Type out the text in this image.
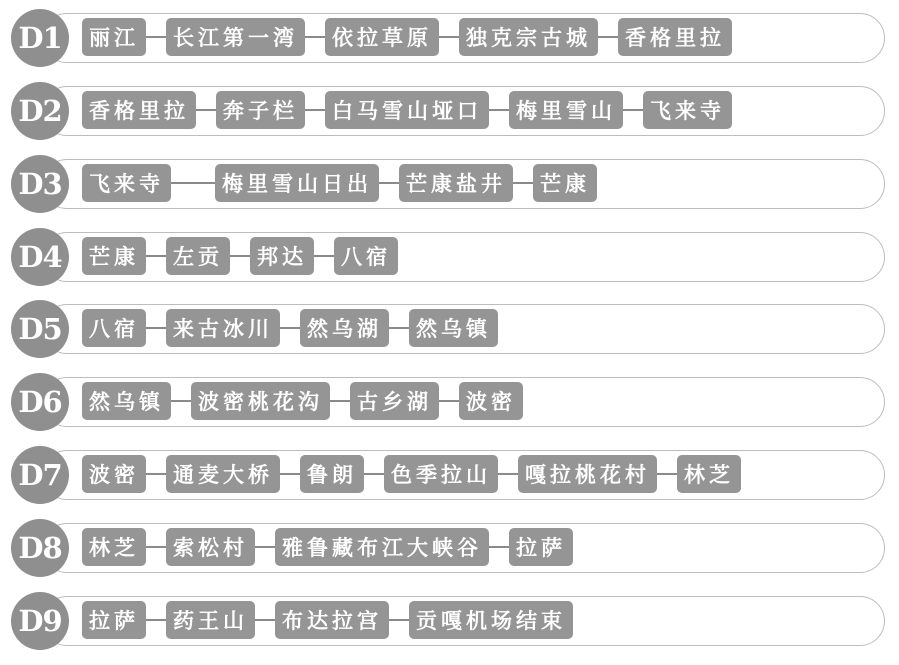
D1	丽江	长江第一湾	依拉草原	独克宗古城	香格里拉
D2	香格里拉	奔子栏	白马雪山垭口	梅里雪山	飞来寺
D3	飞来寺	梅里雪山日出	芒康盐井	芒康
D4	芒康	左贡	邦达	八宿
D5	八宿	来古冰川	然乌湖	然乌镇
D6	然乌镇	波密桃花沟	古乡湖	波密
D7	波密	通麦大桥	鲁朗	色季拉山	嘎拉桃花村	林芝
D8	林芝	索松村	雅鲁藏布江大峡谷	拉萨
D9	拉萨	药王山	布达拉宫	贡嘎机场结束
